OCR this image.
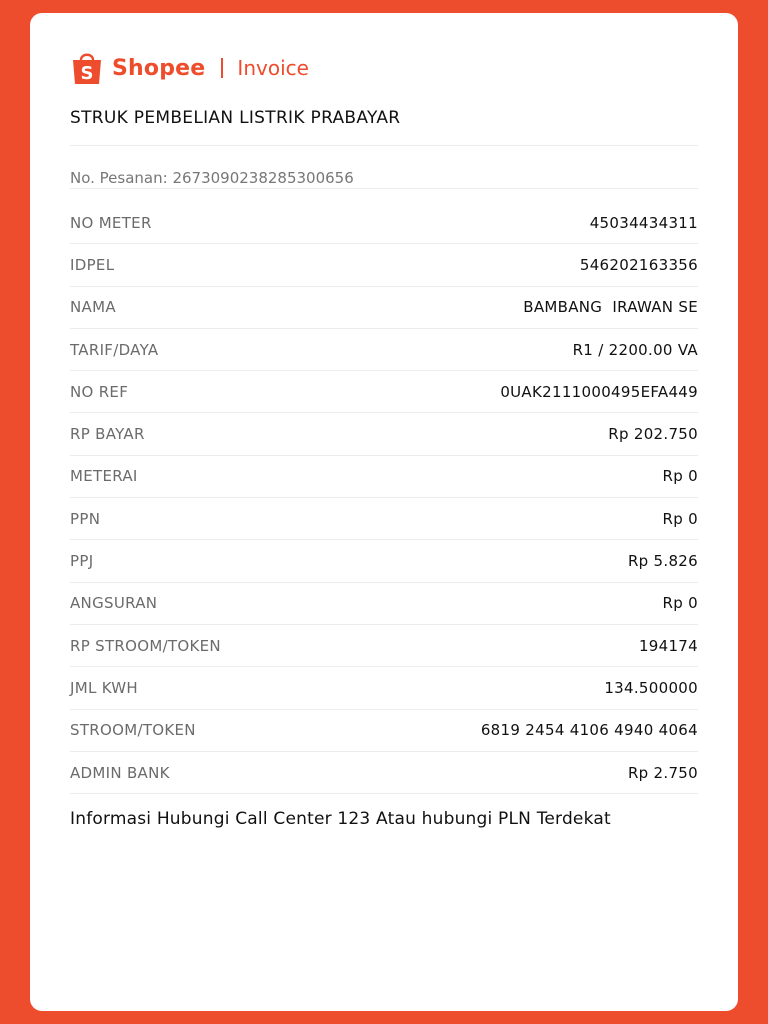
S Shopee Invoice
STRUK PEMBELIAN LISTRIK PRABAYAR
No. Pesanan: 2673090238285300656
NO METER	45034434311
IDPEL	546202163356
NAMA	BAMBANG  IRAWAN SE
TARIF/DAYA	R1 / 2200.00 VA
NO REF	0UAK2111000495EFA449
RP BAYAR	Rp 202.750
METERAI	Rp 0
PPN	Rp 0
PPJ	Rp 5.826
ANGSURAN	Rp 0
RP STROOM/TOKEN	194174
JML KWH	134.500000
STROOM/TOKEN	6819 2454 4106 4940 4064
ADMIN BANK	Rp 2.750
Informasi Hubungi Call Center 123 Atau hubungi PLN Terdekat
